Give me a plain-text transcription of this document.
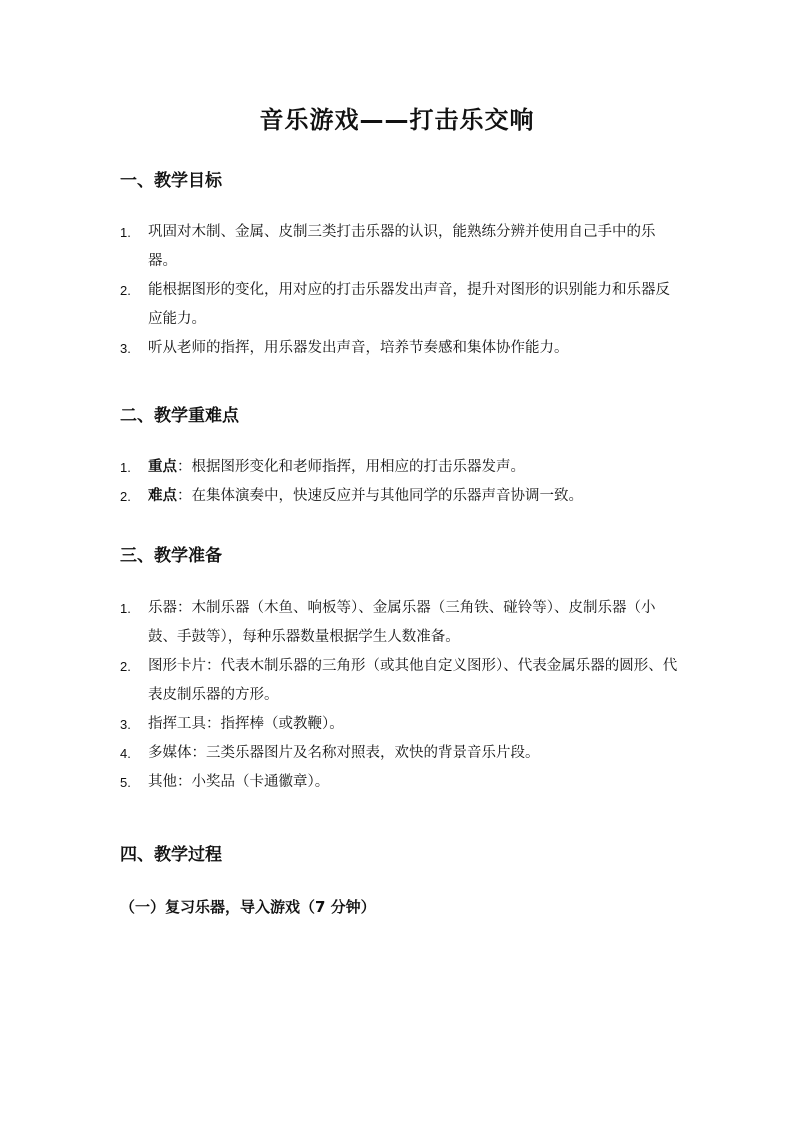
音乐游戏——打击乐交响
一、教学目标
1. 巩固对木制、金属、皮制三类打击乐器的认识，能熟练分辨并使用自己手中的乐器。
2. 能根据图形的变化，用对应的打击乐器发出声音，提升对图形的识别能力和乐器反应能力。
3. 听从老师的指挥，用乐器发出声音，培养节奏感和集体协作能力。
二、教学重难点
1. 重点：根据图形变化和老师指挥，用相应的打击乐器发声。
2. 难点：在集体演奏中，快速反应并与其他同学的乐器声音协调一致。
三、教学准备
1. 乐器：木制乐器（木鱼、响板等）、金属乐器（三角铁、碰铃等）、皮制乐器（小鼓、手鼓等），每种乐器数量根据学生人数准备。
2. 图形卡片：代表木制乐器的三角形（或其他自定义图形）、代表金属乐器的圆形、代表皮制乐器的方形。
3. 指挥工具：指挥棒（或教鞭）。
4. 多媒体：三类乐器图片及名称对照表，欢快的背景音乐片段。
5. 其他：小奖品（卡通徽章）。
四、教学过程
（一）复习乐器，导入游戏（7 分钟）
